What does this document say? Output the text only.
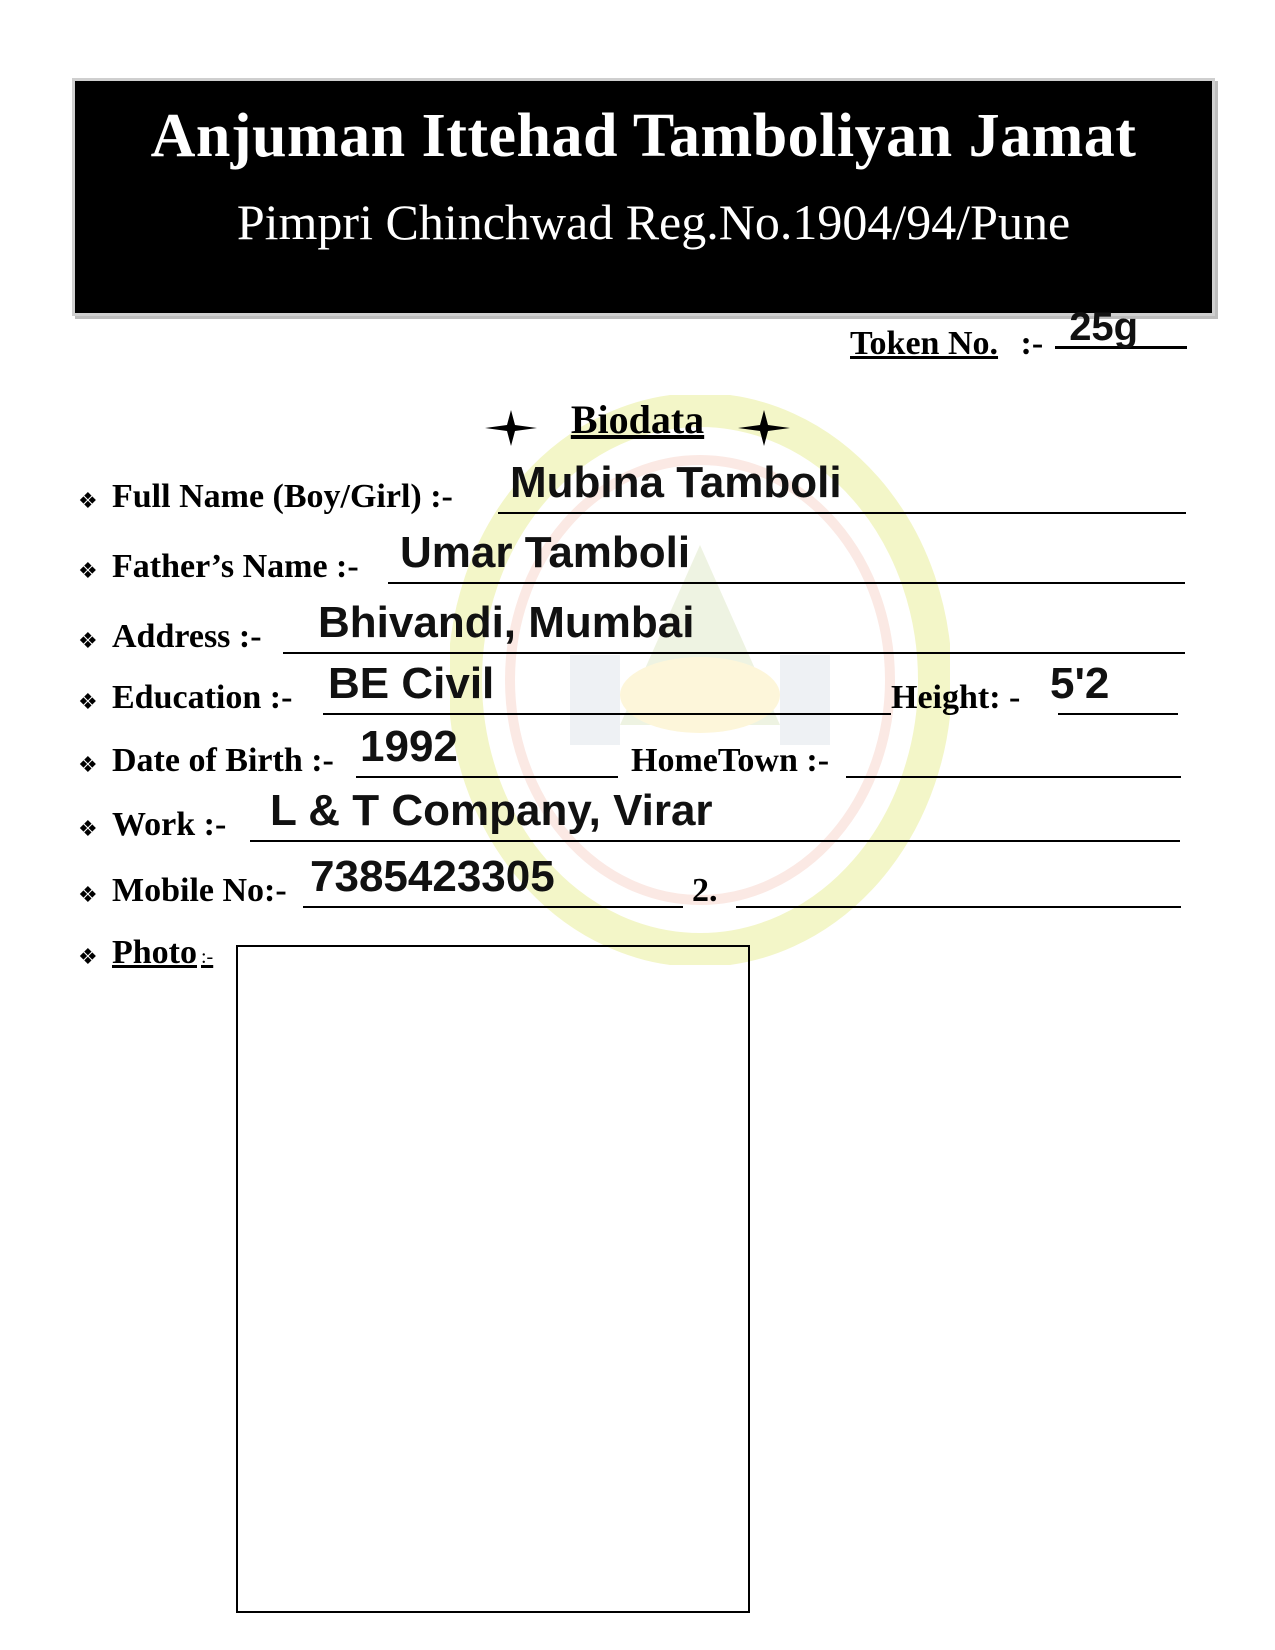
Anjuman Ittehad Tamboliyan Jamat
Pimpri Chinchwad Reg.No.1904/94/Pune
Token No. :- 25g
Biodata
❖ Full Name (Boy/Girl) :- Mubina Tamboli
❖ Father’s Name :- Umar Tamboli
❖ Address :- Bhivandi, Mumbai
❖ Education :- BE Civil	Height: - 5'2
❖ Date of Birth :- 1992	HomeTown :-
❖ Work :- L & T Company, Virar
❖ Mobile No:- 7385423305	2.
❖ Photo :-
